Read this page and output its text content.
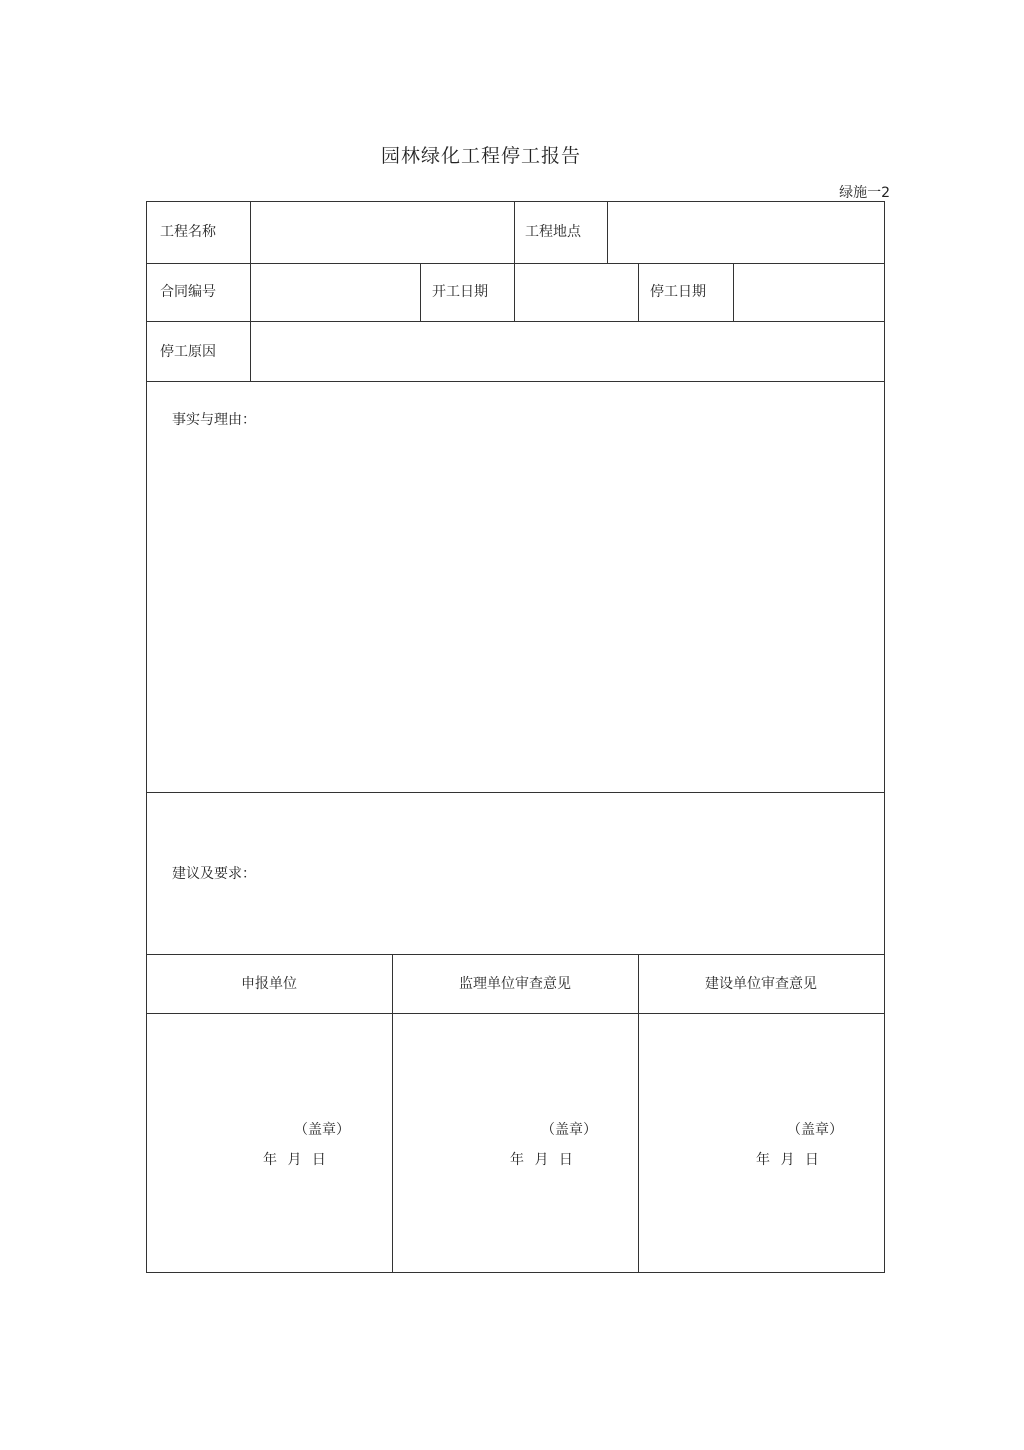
园林绿化工程停工报告
绿施一2
工程名称	工程地点
合同编号	开工日期	停工日期
停工原因
事实与理由：
建议及要求：
申报单位	监理单位审查意见	建设单位审查意见
（盖章）
年 月 日
（盖章）
年 月 日
（盖章）
年 月 日
